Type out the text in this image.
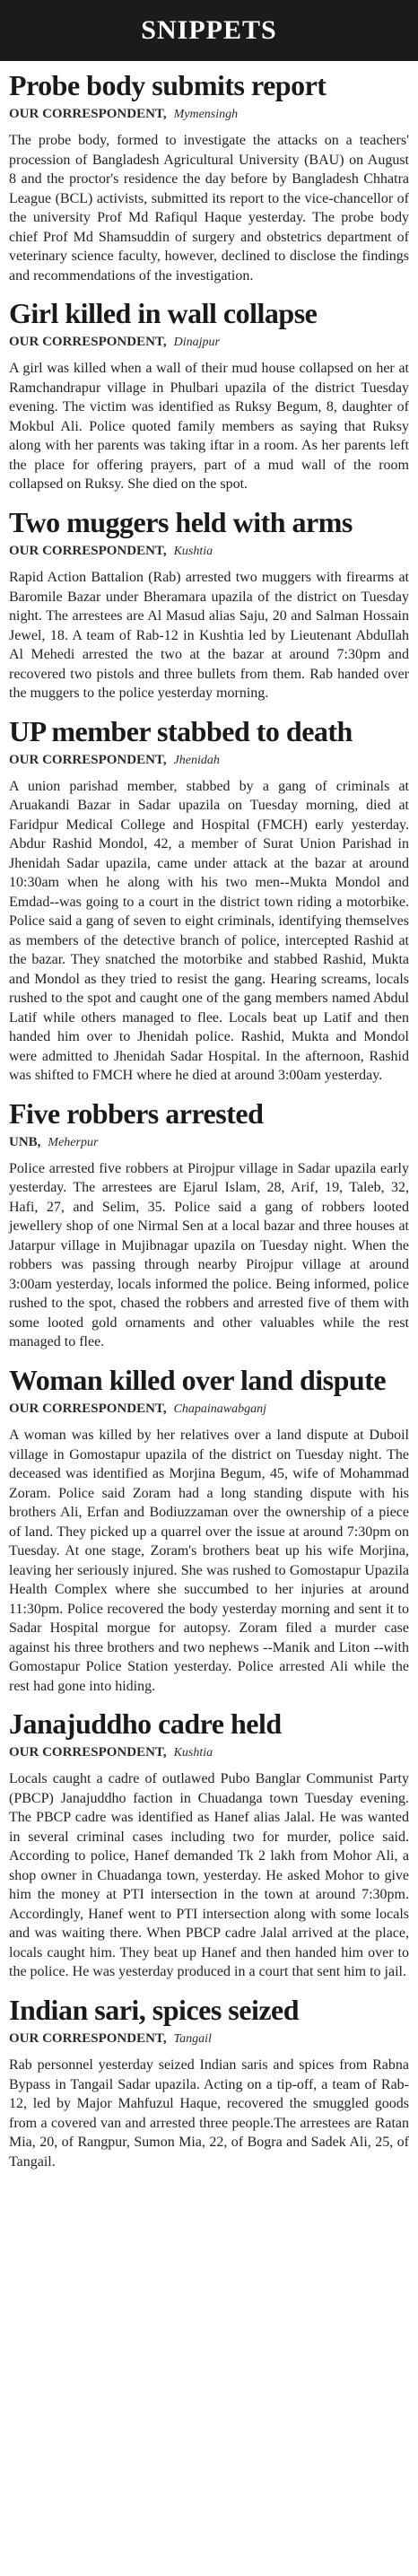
SNIPPETS
Probe body submits report
OUR CORRESPONDENT, Mymensingh
The probe body, formed to investigate the attacks on a teachers' procession of Bangladesh Agricultural University (BAU) on August 8 and the proctor's residence the day before by Bangladesh Chhatra League (BCL) activists, submitted its report to the vice-chancellor of the university Prof Md Rafiqul Haque yesterday. The probe body chief Prof Md Shamsuddin of surgery and obstetrics department of veterinary science faculty, however, declined to disclose the findings and recommendations of the investigation.
Girl killed in wall collapse
OUR CORRESPONDENT, Dinajpur
A girl was killed when a wall of their mud house collapsed on her at Ramchandrapur village in Phulbari upazila of the district Tuesday evening. The victim was identified as Ruksy Begum, 8, daughter of Mokbul Ali. Police quoted family members as saying that Ruksy along with her parents was taking iftar in a room. As her parents left the place for offering prayers, part of a mud wall of the room collapsed on Ruksy. She died on the spot.
Two muggers held with arms
OUR CORRESPONDENT, Kushtia
Rapid Action Battalion (Rab) arrested two muggers with firearms at Baromile Bazar under Bheramara upazila of the district on Tuesday night. The arrestees are Al Masud alias Saju, 20 and Salman Hossain Jewel, 18. A team of Rab-12 in Kushtia led by Lieutenant Abdullah Al Mehedi arrested the two at the bazar at around 7:30pm and recovered two pistols and three bullets from them. Rab handed over the muggers to the police yesterday morning.
UP member stabbed to death
OUR CORRESPONDENT, Jhenidah
A union parishad member, stabbed by a gang of criminals at Aruakandi Bazar in Sadar upazila on Tuesday morning, died at Faridpur Medical College and Hospital (FMCH) early yesterday. Abdur Rashid Mondol, 42, a member of Surat Union Parishad in Jhenidah Sadar upazila, came under attack at the bazar at around 10:30am when he along with his two men--Mukta Mondol and Emdad--was going to a court in the district town riding a motorbike. Police said a gang of seven to eight criminals, identifying themselves as members of the detective branch of police, intercepted Rashid at the bazar. They snatched the motorbike and stabbed Rashid, Mukta and Mondol as they tried to resist the gang. Hearing screams, locals rushed to the spot and caught one of the gang members named Abdul Latif while others managed to flee. Locals beat up Latif and then handed him over to Jhenidah police. Rashid, Mukta and Mondol were admitted to Jhenidah Sadar Hospital. In the afternoon, Rashid was shifted to FMCH where he died at around 3:00am yesterday.
Five robbers arrested
UNB, Meherpur
Police arrested five robbers at Pirojpur village in Sadar upazila early yesterday. The arrestees are Ejarul Islam, 28, Arif, 19, Taleb, 32, Hafi, 27, and Selim, 35. Police said a gang of robbers looted jewellery shop of one Nirmal Sen at a local bazar and three houses at Jatarpur village in Mujibnagar upazila on Tuesday night. When the robbers was passing through nearby Pirojpur village at around 3:00am yesterday, locals informed the police. Being informed, police rushed to the spot, chased the robbers and arrested five of them with some looted gold ornaments and other valuables while the rest managed to flee.
Woman killed over land dispute
OUR CORRESPONDENT, Chapainawabganj
A woman was killed by her relatives over a land dispute at Duboil village in Gomostapur upazila of the district on Tuesday night. The deceased was identified as Morjina Begum, 45, wife of Mohammad Zoram. Police said Zoram had a long standing dispute with his brothers Ali, Erfan and Bodiuzzaman over the ownership of a piece of land. They picked up a quarrel over the issue at around 7:30pm on Tuesday. At one stage, Zoram's brothers beat up his wife Morjina, leaving her seriously injured. She was rushed to Gomostapur Upazila Health Complex where she succumbed to her injuries at around 11:30pm. Police recovered the body yesterday morning and sent it to Sadar Hospital morgue for autopsy. Zoram filed a murder case against his three brothers and two nephews --Manik and Liton --with Gomostapur Police Station yesterday. Police arrested Ali while the rest had gone into hiding.
Janajuddho cadre held
OUR CORRESPONDENT, Kushtia
Locals caught a cadre of outlawed Pubo Banglar Communist Party (PBCP) Janajuddho faction in Chuadanga town Tuesday evening. The PBCP cadre was identified as Hanef alias Jalal. He was wanted in several criminal cases including two for murder, police said. According to police, Hanef demanded Tk 2 lakh from Mohor Ali, a shop owner in Chuadanga town, yesterday. He asked Mohor to give him the money at PTI intersection in the town at around 7:30pm. Accordingly, Hanef went to PTI intersection along with some locals and was waiting there. When PBCP cadre Jalal arrived at the place, locals caught him. They beat up Hanef and then handed him over to the police. He was yesterday produced in a court that sent him to jail.
Indian sari, spices seized
OUR CORRESPONDENT, Tangail
Rab personnel yesterday seized Indian saris and spices from Rabna Bypass in Tangail Sadar upazila. Acting on a tip-off, a team of Rab-12, led by Major Mahfuzul Haque, recovered the smuggled goods from a covered van and arrested three people.The arrestees are Ratan Mia, 20, of Rangpur, Sumon Mia, 22, of Bogra and Sadek Ali, 25, of Tangail.
